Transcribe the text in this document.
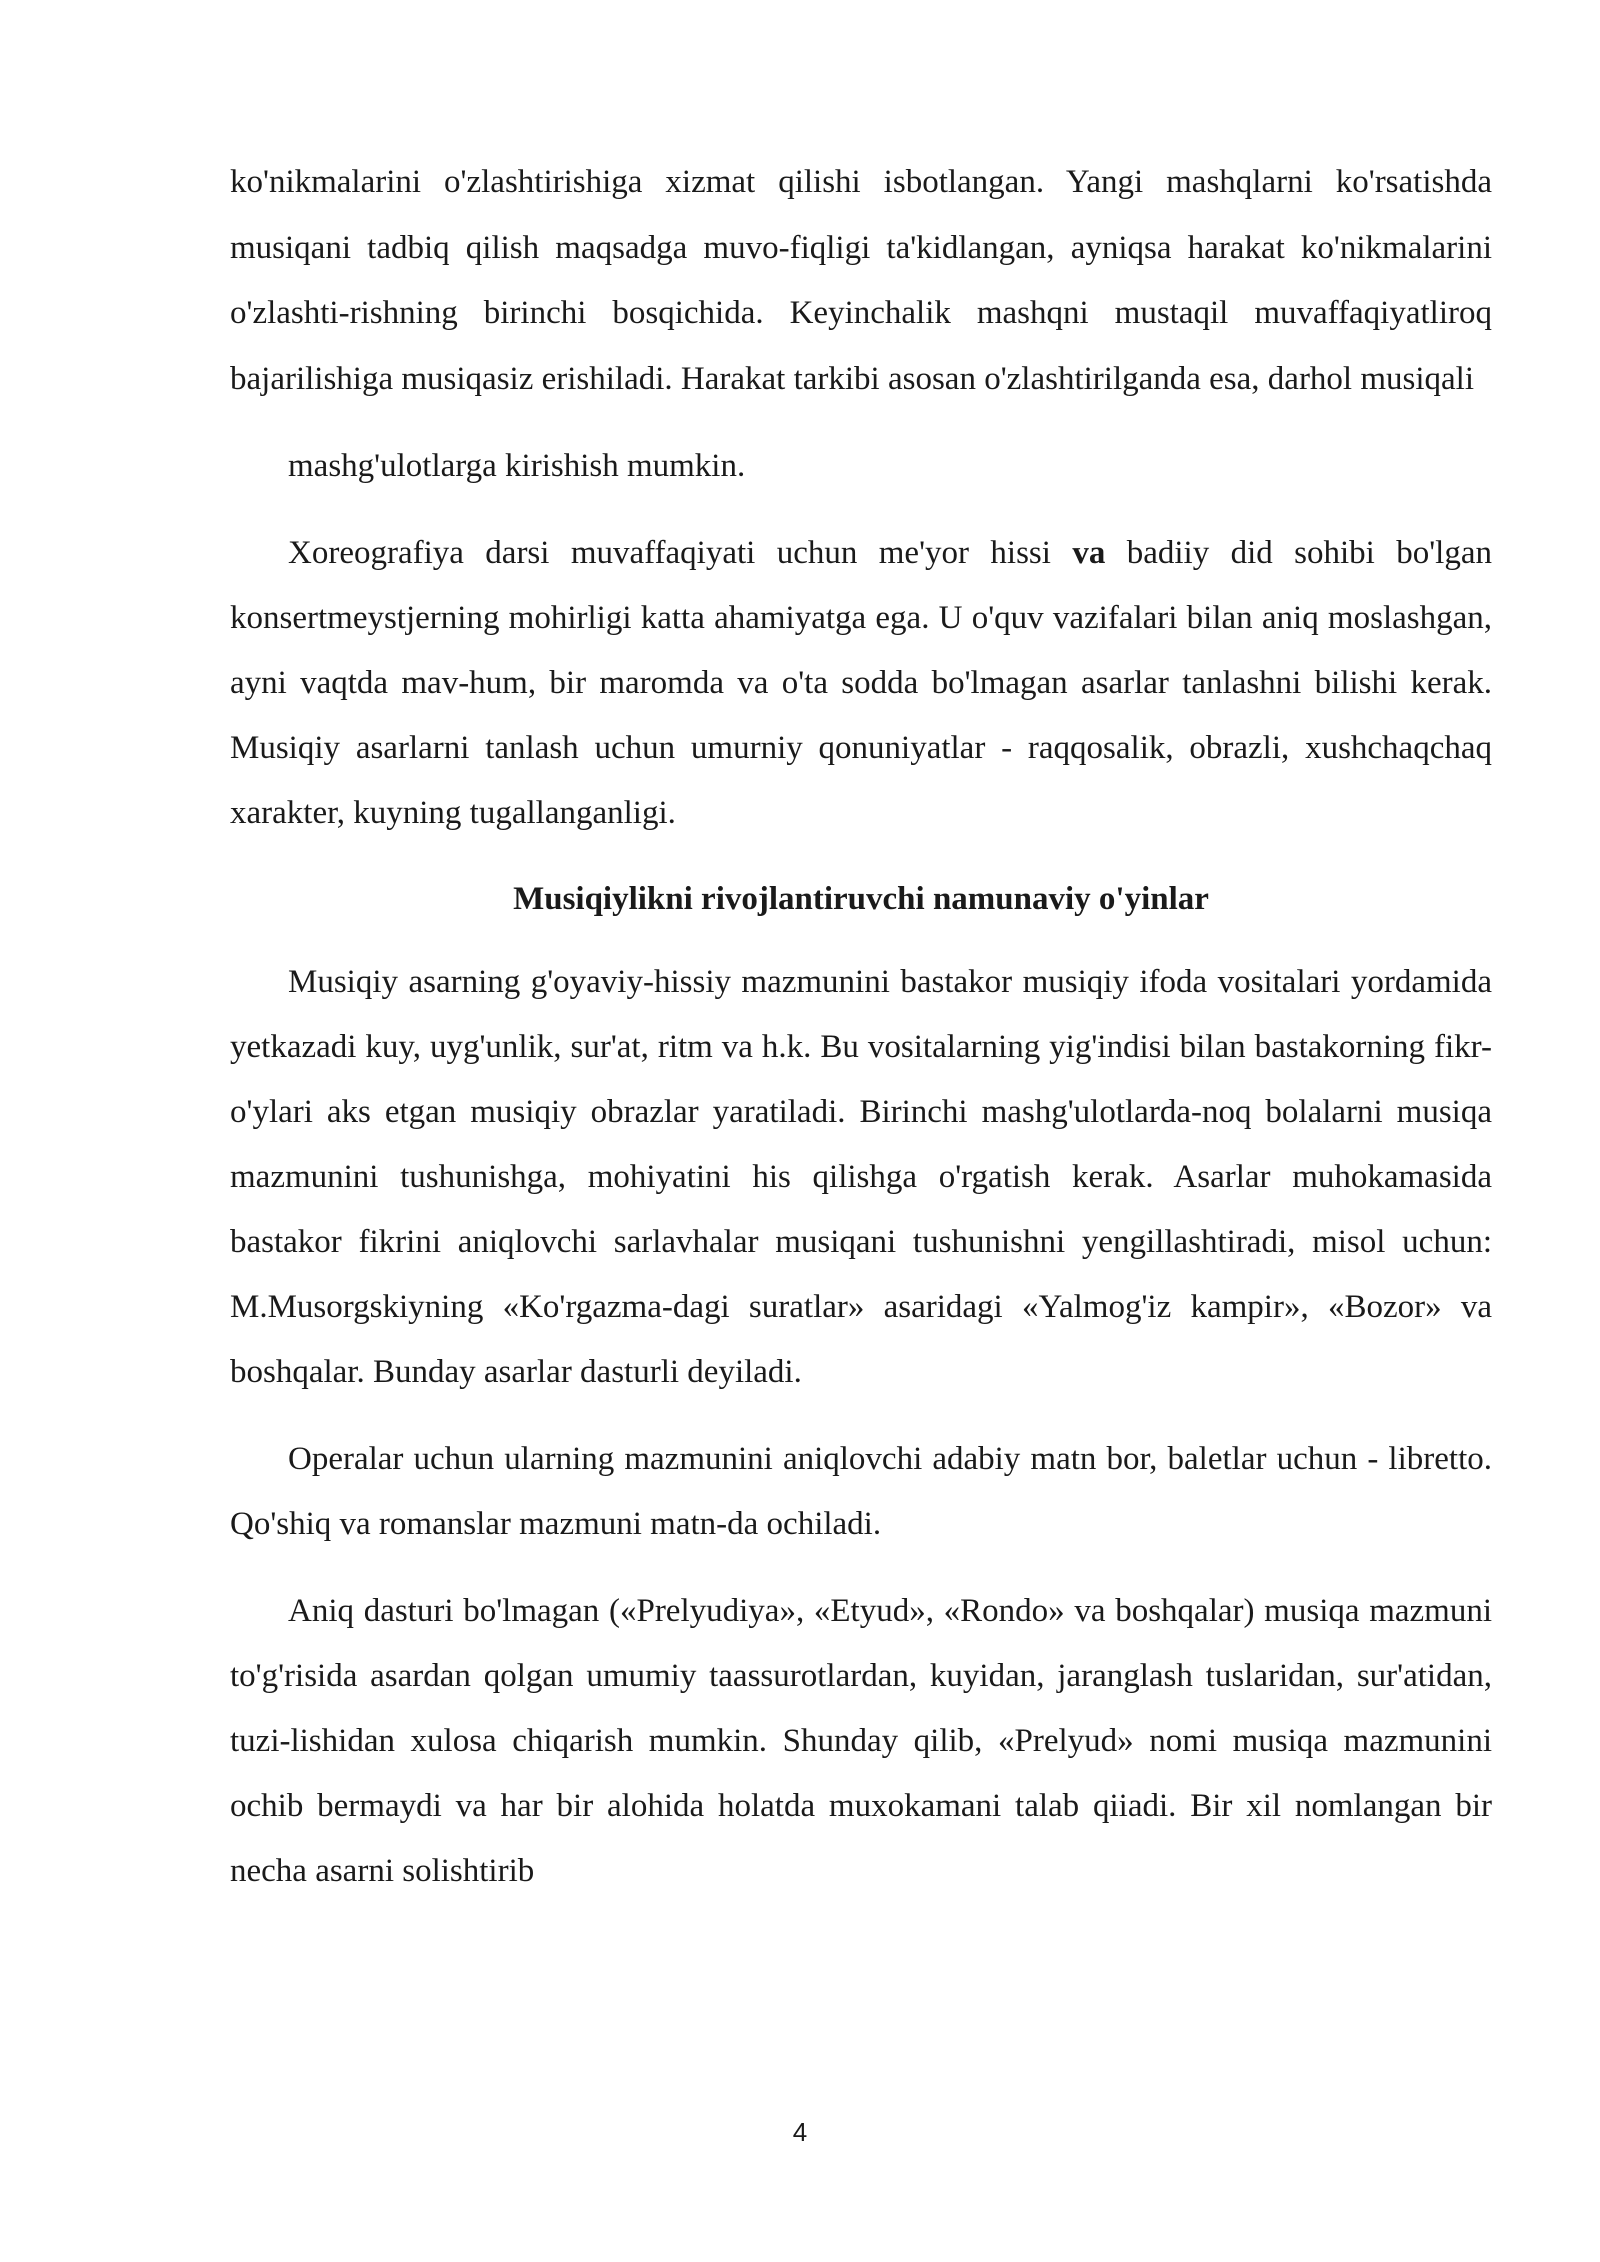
ko'nikmalarini o'zlashtirishiga xizmat qilishi isbotlangan. Yangi mashqlarni ko'rsatishda musiqani tadbiq qilish maqsadga muvo-fiqligi ta'kidlangan, ayniqsa harakat ko'nikmalarini o'zlashti-rishning birinchi bosqichida. Keyinchalik mashqni mustaqil muvaffaqiyatliroq bajarilishiga musiqasiz erishiladi. Harakat tarkibi asosan o'zlashtirilganda esa, darhol musiqali

mashg'ulotlarga kirishish mumkin.

Xoreografiya darsi muvaffaqiyati uchun me'yor hissi va badiiy did sohibi bo'lgan konsertmeystjerning mohirligi katta ahamiyatga ega. U o'quv vazifalari bilan aniq moslashgan, ayni vaqtda mav-hum, bir maromda va o'ta sodda bo'lmagan asarlar tanlashni bilishi kerak. Musiqiy asarlarni tanlash uchun umurniy qonuniyatlar - raqqosalik, obrazli, xushchaqchaq xarakter, kuyning tugallanganligi.

Musiqiylikni rivojlantiruvchi namunaviy o'yinlar

Musiqiy asarning g'oyaviy-hissiy mazmunini bastakor musiqiy ifoda vositalari yordamida yetkazadi kuy, uyg'unlik, sur'at, ritm va h.k. Bu vositalarning yig'indisi bilan bastakorning fikr-o'ylari aks etgan musiqiy obrazlar yaratiladi. Birinchi mashg'ulotlarda-noq bolalarni musiqa mazmunini tushunishga, mohiyatini his qilishga o'rgatish kerak. Asarlar muhokamasida bastakor fikrini aniqlovchi sarlavhalar musiqani tushunishni yengillashtiradi, misol uchun: M.Musorgskiyning «Ko'rgazma-dagi suratlar» asaridagi «Yalmog'iz kampir», «Bozor» va boshqalar. Bunday asarlar dasturli deyiladi.

Operalar uchun ularning mazmunini aniqlovchi adabiy matn bor, baletlar uchun - libretto. Qo'shiq va romanslar mazmuni matn-da ochiladi.

Aniq dasturi bo'lmagan («Prelyudiya», «Etyud», «Rondo» va boshqalar) musiqa mazmuni to'g'risida asardan qolgan umumiy taassurotlardan, kuyidan, jaranglash tuslaridan, sur'atidan, tuzi-lishidan xulosa chiqarish mumkin. Shunday qilib, «Prelyud» nomi musiqa mazmunini ochib bermaydi va har bir alohida holatda muxokamani talab qiiadi. Bir xil nomlangan bir necha asarni solishtirib

4
